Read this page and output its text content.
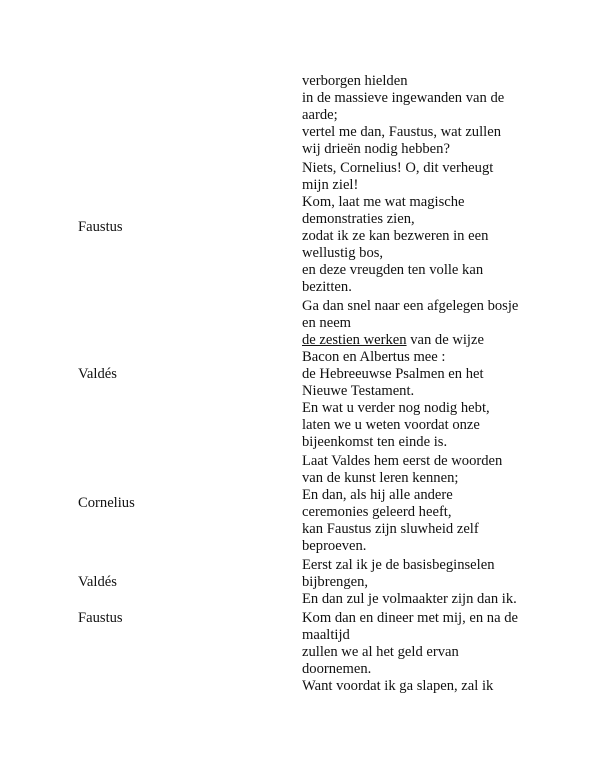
verborgen hielden
in de massieve ingewanden van de
aarde;
vertel me dan, Faustus, wat zullen
wij drieën nodig hebben?
Faustus
Niets, Cornelius! O, dit verheugt
mijn ziel!
Kom, laat me wat magische
demonstraties zien,
zodat ik ze kan bezweren in een
wellustig bos,
en deze vreugden ten volle kan
bezitten.
Valdés
Ga dan snel naar een afgelegen bosje
en neem
de zestien werken van de wijze
Bacon en Albertus mee :
de Hebreeuwse Psalmen en het
Nieuwe Testament.
En wat u verder nog nodig hebt,
laten we u weten voordat onze
bijeenkomst ten einde is.
Cornelius
Laat Valdes hem eerst de woorden
van de kunst leren kennen;
En dan, als hij alle andere
ceremonies geleerd heeft,
kan Faustus zijn sluwheid zelf
beproeven.
Valdés
Eerst zal ik je de basisbeginselen
bijbrengen,
En dan zul je volmaakter zijn dan ik.
Faustus	Kom dan en dineer met mij, en na de
maaltijd
zullen we al het geld ervan
doornemen.
Want voordat ik ga slapen, zal ik
